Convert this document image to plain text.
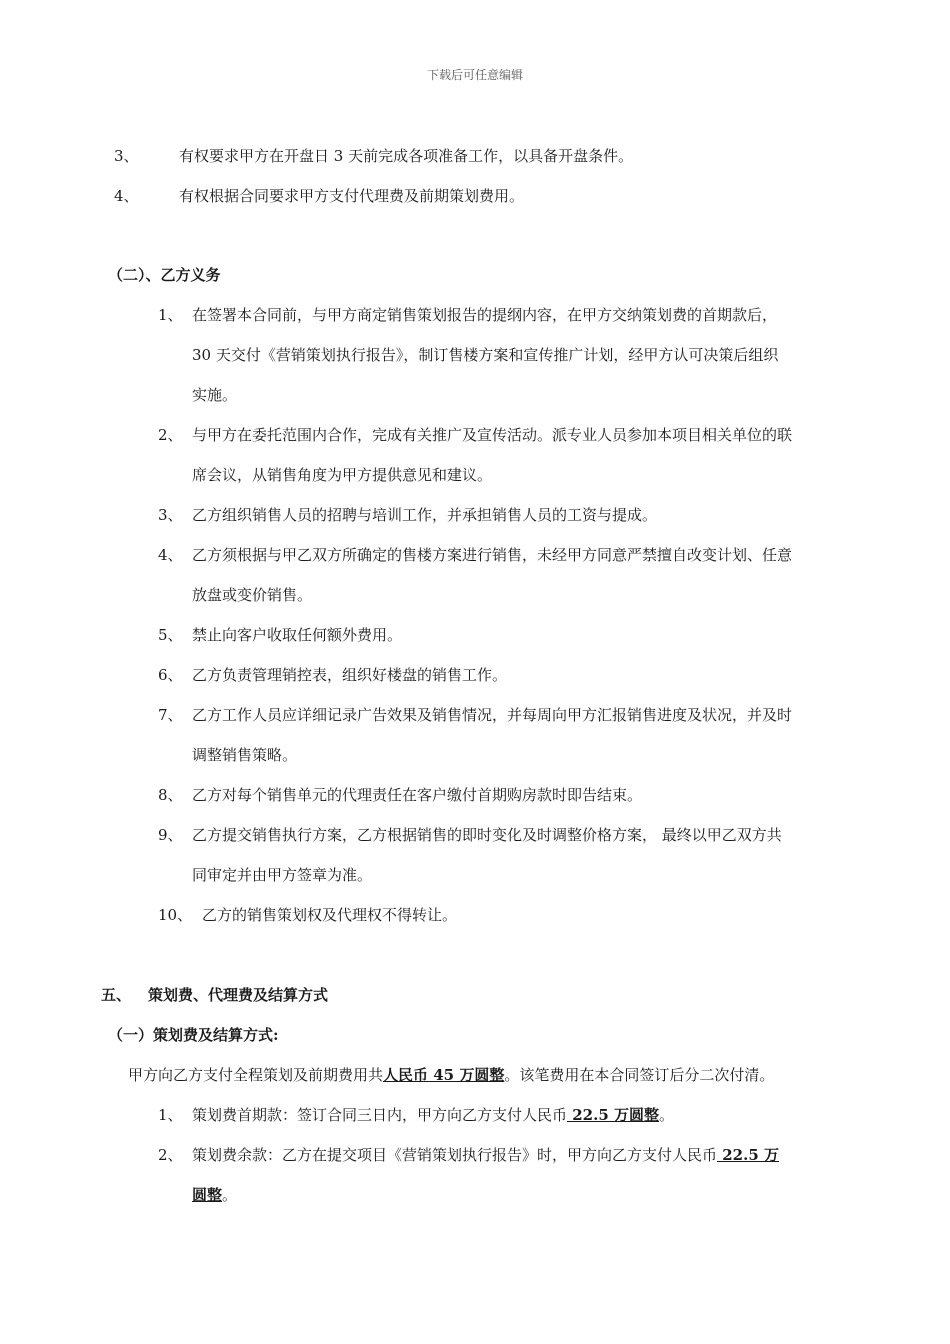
下载后可任意编辑
3、	有权要求甲方在开盘日 3 天前完成各项准备工作，以具备开盘条件。
4、	有权根据合同要求甲方支付代理费及前期策划费用。
（二）、乙方义务
1、 在签署本合同前，与甲方商定销售策划报告的提纲内容，在甲方交纳策划费的首期款后，
30 天交付《营销策划执行报告》，制订售楼方案和宣传推广计划，经甲方认可决策后组织
实施。
2、 与甲方在委托范围内合作，完成有关推广及宣传活动。派专业人员参加本项目相关单位的联
席会议，从销售角度为甲方提供意见和建议。
3、 乙方组织销售人员的招聘与培训工作，并承担销售人员的工资与提成。
4、 乙方须根据与甲乙双方所确定的售楼方案进行销售，未经甲方同意严禁擅自改变计划、任意
放盘或变价销售。
5、 禁止向客户收取任何额外费用。
6、 乙方负责管理销控表，组织好楼盘的销售工作。
7、 乙方工作人员应详细记录广告效果及销售情况，并每周向甲方汇报销售进度及状况，并及时
调整销售策略。
8、 乙方对每个销售单元的代理责任在客户缴付首期购房款时即告结束。
9、 乙方提交销售执行方案，乙方根据销售的即时变化及时调整价格方案， 最终以甲乙双方共
同审定并由甲方签章为准。
10、 乙方的销售策划权及代理权不得转让。
五、 策划费、代理费及结算方式
（一）策划费及结算方式:
甲方向乙方支付全程策划及前期费用共人民币 45 万圆整。该笔费用在本合同签订后分二次付清。
1、 策划费首期款：签订合同三日内，甲方向乙方支付人民币 22.5 万圆整。
2、 策划费余款：乙方在提交项目《营销策划执行报告》时，甲方向乙方支付人民币 22.5 万
圆整。
